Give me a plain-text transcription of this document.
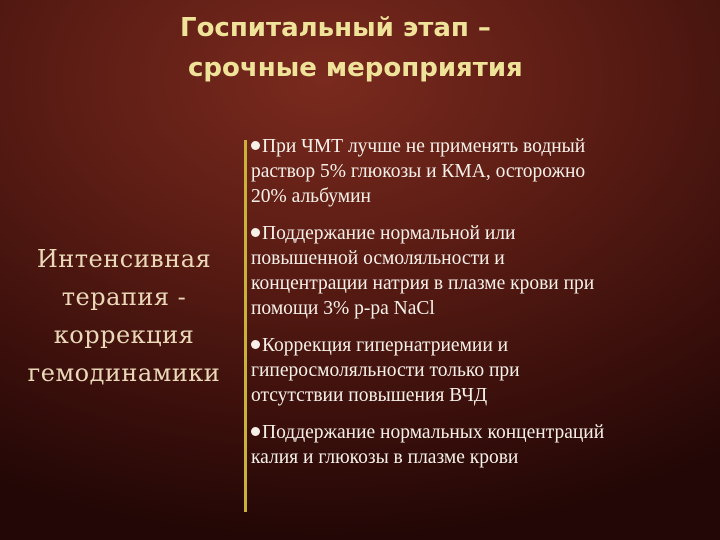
Госпитальный этап –
срочные мероприятия
Интенсивная
терапия -
коррекция
гемодинамики
При ЧМТ лучше не применять водный
раствор 5% глюкозы и КМА, осторожно
20% альбумин
Поддержание нормальной или
повышенной осмоляльности и
концентрации натрия в плазме крови при
помощи 3% р-ра NaCl
Коррекция гипернатриемии и
гиперосмоляльности только при
отсутствии повышения ВЧД
Поддержание нормальных концентраций
калия и глюкозы в плазме крови
